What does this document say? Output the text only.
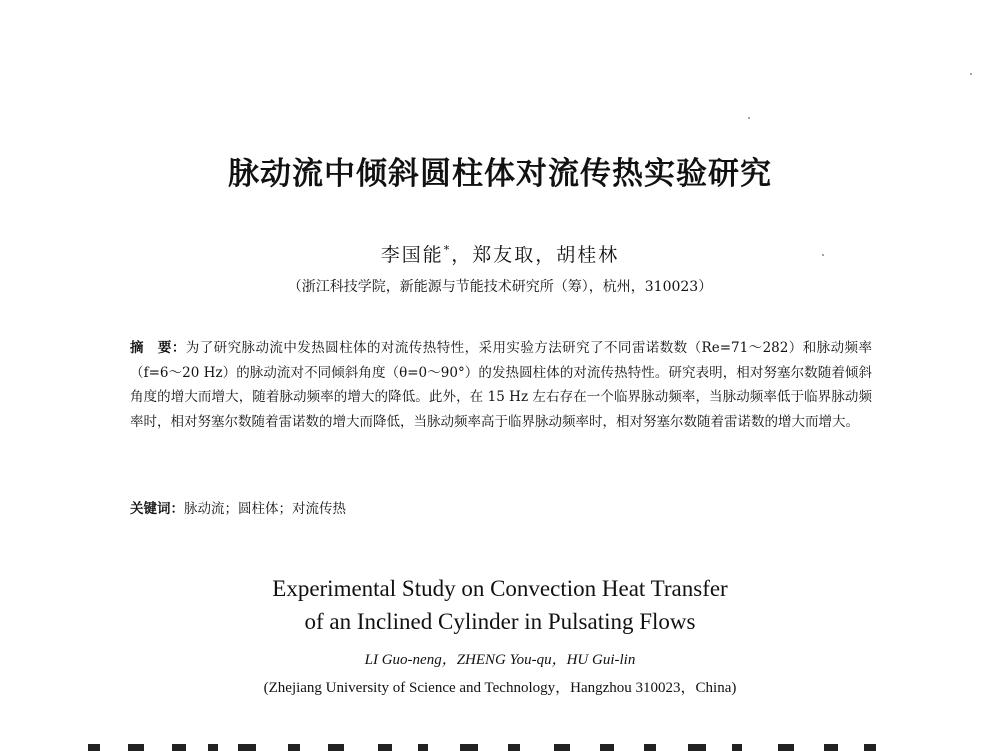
脉动流中倾斜圆柱体对流传热实验研究
李国能*，郑友取，胡桂林
（浙江科技学院，新能源与节能技术研究所（筹），杭州，310023）
摘　要：为了研究脉动流中发热圆柱体的对流传热特性，采用实验方法研究了不同雷诺数数（Re=71～282）和脉动频率（f=6～20 Hz）的脉动流对不同倾斜角度（θ=0～90°）的发热圆柱体的对流传热特性。研究表明，相对努塞尔数随着倾斜角度的增大而增大，随着脉动频率的增大的降低。此外，在 15 Hz 左右存在一个临界脉动频率，当脉动频率低于临界脉动频率时，相对努塞尔数随着雷诺数的增大而降低，当脉动频率高于临界脉动频率时，相对努塞尔数随着雷诺数的增大而增大。
关键词：脉动流；圆柱体；对流传热
Experimental Study on Convection Heat Transfer
of an Inclined Cylinder in Pulsating Flows
LI Guo-neng，ZHENG You-qu，HU Gui-lin
(Zhejiang University of Science and Technology，Hangzhou 310023，China)
